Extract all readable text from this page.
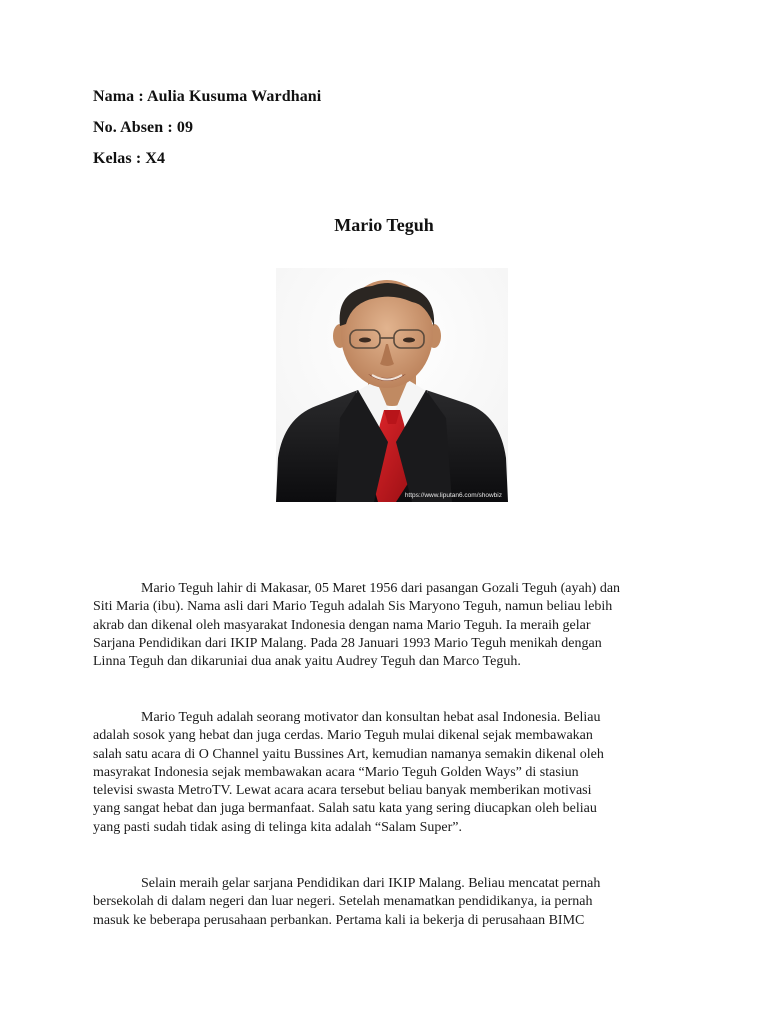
Nama : Aulia Kusuma Wardhani
No. Absen : 09
Kelas : X4
Mario Teguh
https://www.liputan6.com/showbiz
Mario Teguh lahir di Makasar, 05 Maret 1956 dari pasangan Gozali Teguh (ayah) dan
Siti Maria (ibu). Nama asli dari Mario Teguh adalah Sis Maryono Teguh, namun beliau lebih
akrab dan dikenal oleh masyarakat Indonesia dengan nama Mario Teguh. Ia meraih gelar
Sarjana Pendidikan dari IKIP Malang. Pada 28 Januari 1993 Mario Teguh menikah dengan
Linna Teguh dan dikaruniai dua anak yaitu Audrey Teguh dan Marco Teguh.
Mario Teguh adalah seorang motivator dan konsultan hebat asal Indonesia. Beliau
adalah sosok yang hebat dan juga cerdas. Mario Teguh mulai dikenal sejak membawakan
salah satu acara di O Channel yaitu Bussines Art, kemudian namanya semakin dikenal oleh
masyrakat Indonesia sejak membawakan acara “Mario Teguh Golden Ways” di stasiun
televisi swasta MetroTV. Lewat acara acara tersebut beliau banyak memberikan motivasi
yang sangat hebat dan juga bermanfaat. Salah satu kata yang sering diucapkan oleh beliau
yang pasti sudah tidak asing di telinga kita adalah “Salam Super”.
Selain meraih gelar sarjana Pendidikan dari IKIP Malang. Beliau mencatat pernah
bersekolah di dalam negeri dan luar negeri. Setelah menamatkan pendidikanya, ia pernah
masuk ke beberapa perusahaan perbankan. Pertama kali ia bekerja di perusahaan BIMC
